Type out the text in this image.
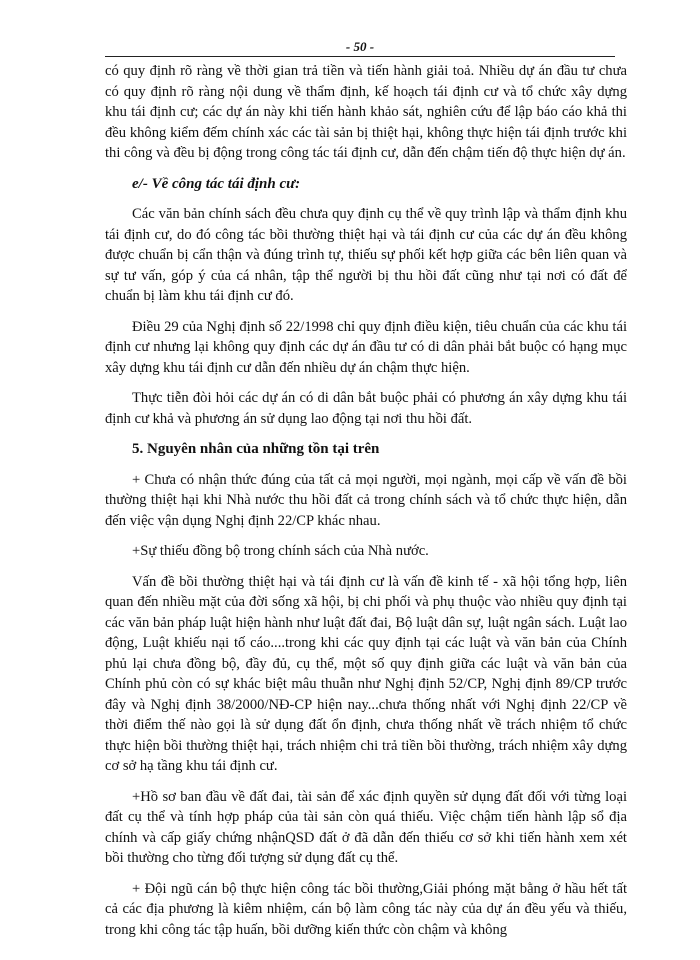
- 50 -

có quy định rõ ràng về thời gian trả tiền và tiến hành giải toả. Nhiều dự án đầu tư chưa có quy định rõ ràng nội dung về thẩm định, kế hoạch tái định cư và tổ chức xây dựng khu tái định cư; các dự án này khi tiến hành khảo sát, nghiên cứu để lập báo cáo khả thi đều không kiểm đếm chính xác các tài sản bị thiệt hại, không thực hiện tái định trước khi thi công và đều bị động trong công tác tái định cư, dẫn đến chậm tiến độ thực hiện dự án.

e/- Về công tác tái định cư:

Các văn bản chính sách đều chưa quy định cụ thể về quy trình lập và thẩm định khu tái định cư, do đó công tác bồi thường thiệt hại và tái định cư của các dự án đều không được chuẩn bị cẩn thận và đúng trình tự, thiếu sự phối kết hợp giữa các bên liên quan và sự tư vấn, góp ý của cá nhân, tập thể người bị thu hồi đất cũng như tại nơi có đất để chuẩn bị làm khu tái định cư đó.

Điều 29 của Nghị định số 22/1998 chỉ quy định điều kiện, tiêu chuẩn của các khu tái định cư nhưng lại không quy định các dự án đầu tư có di dân phải bắt buộc có hạng mục xây dựng khu tái định cư dẫn đến nhiều dự án chậm thực hiện.

Thực tiễn đòi hỏi các dự án có di dân bắt buộc phải có phương án xây dựng khu tái định cư khả và phương án sử dụng lao động tại nơi thu hồi đất.

5. Nguyên nhân của những tồn tại trên

+ Chưa có nhận thức đúng của tất cả mọi người, mọi ngành, mọi cấp về vấn đề bồi thường thiệt hại khi Nhà nước thu hồi đất cả trong chính sách và tổ chức thực hiện, dẫn đến việc vận dụng Nghị định 22/CP khác nhau.

+Sự thiếu đồng bộ trong chính sách của Nhà nước.

Vấn đề bồi thường thiệt hại và tái định cư là vấn đề kinh tế - xã hội tổng hợp, liên quan đến nhiều mặt của đời sống xã hội, bị chi phối và phụ thuộc vào nhiều quy định tại các văn bản pháp luật hiện hành như luật đất đai, Bộ luật dân sự, luật ngân sách. Luật lao động, Luật khiếu nại tố cáo....trong khi các quy định tại các luật và văn bản của Chính phủ lại chưa đồng bộ, đầy đủ, cụ thể, một số quy định giữa các luật và văn bản của Chính phủ còn có sự khác biệt mâu thuẫn như Nghị định 52/CP, Nghị định 89/CP trước đây và Nghị định 38/2000/NĐ-CP hiện nay...chưa thống nhất với Nghị định 22/CP về thời điểm thế nào gọi là sử dụng đất ổn định, chưa thống nhất về trách nhiệm tổ chức thực hiện bồi thường thiệt hại, trách nhiệm chi trả tiền bồi thường, trách nhiệm xây dựng cơ sở hạ tầng khu tái định cư.

+Hồ sơ ban đầu về đất đai, tài sản để xác định quyền sử dụng đất đối với từng loại đất cụ thể và tính hợp pháp của tài sản còn quá thiếu. Việc chậm tiến hành lập sổ địa chính và cấp giấy chứng nhậnQSD đất ở đã dẫn đến thiếu cơ sở khi tiến hành xem xét bồi thường cho từng đối tượng sử dụng đất cụ thể.

+ Đội ngũ cán bộ thực hiện công tác bồi thường,Giải phóng mặt bằng ở hầu hết tất cả các địa phương là kiêm nhiệm, cán bộ làm công tác này của dự án đều yếu và thiếu, trong khi công tác tập huấn, bồi dưỡng kiến thức còn chậm và không
